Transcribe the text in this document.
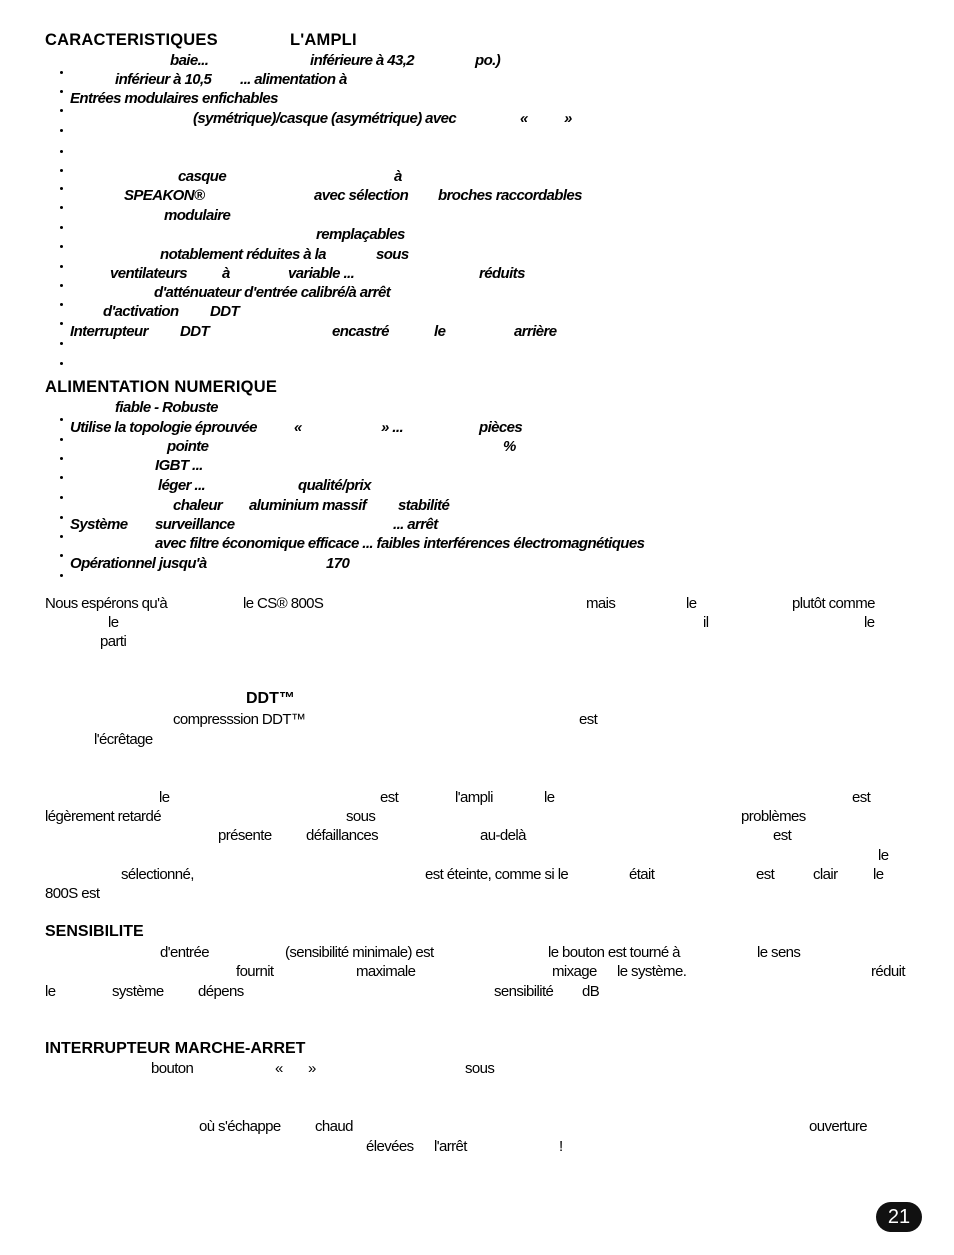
CARACTERISTIQUES	L'AMPLI
baie...	inférieure à 43,2	po.)
inférieur à 10,5 ... alimentation à
Entrées modulaires enfichables
(symétrique)/casque (asymétrique) avec	« »
casque	à
SPEAKON®	avec sélection broches raccordables
modulaire
remplaçables
notablement réduites à la	sous
ventilateurs à	variable ...	réduits
d'atténuateur d'entrée calibré/à arrêt
d'activation DDT
Interrupteur DDT	encastré	le	arrière
ALIMENTATION NUMERIQUE
fiable - Robuste
Utilise la topologie éprouvée «	» ...	pièces
pointe	%
IGBT ...
léger ...	qualité/prix
chaleur aluminium massif stabilité
Système surveillance	... arrêt
avec filtre économique efficace ... faibles interférences électromagnétiques
Opérationnel jusqu'à	170
Nous espérons qu'à	le CS® 800S	mais	le	plutôt comme
le	il	le
parti
compresssion DDT™	est
l'écrêtage
le	est	l'ampli	le	est
légèrement retardé	sous	problèmes
présente défaillances	au-delà	est
le
sélectionné,	est éteinte, comme si le	était	est	clair le
800S est
d'entrée	(sensibilité minimale) est	le bouton est tourné à	le sens
fournit	maximale	mixage le système.	réduit
le	système dépens	sensibilité dB
bouton	« »	sous
où s'échappe chaud	ouverture
élevées l'arrêt	!
DDT™
SENSIBILITE
INTERRUPTEUR MARCHE-ARRET
21
